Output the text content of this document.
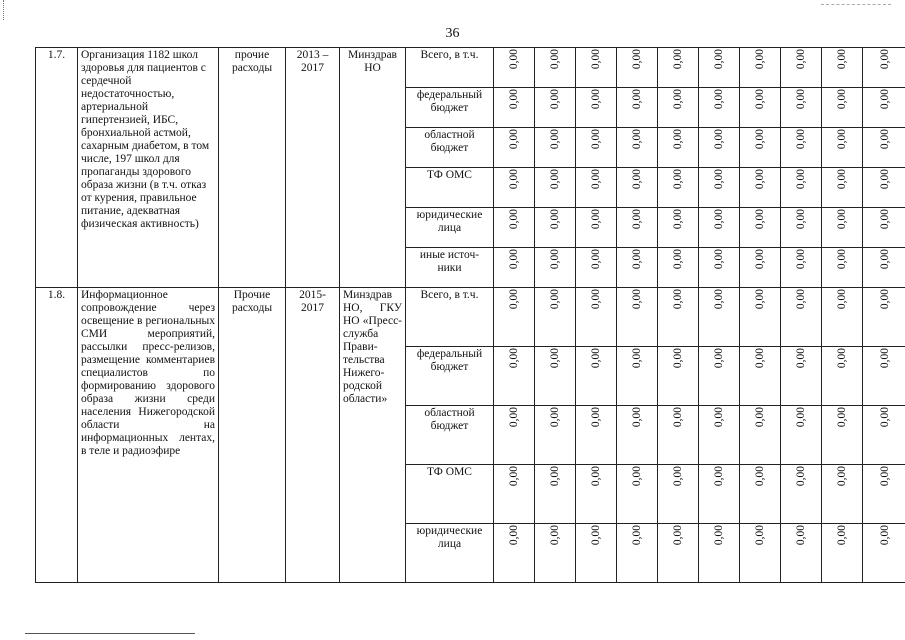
36
1.7.	Организация 1182 школ здоровья для пациентов с сердечной недостаточностью, артериальной гипертензией, ИБС, бронхиальной астмой, сахарным диабетом, в том числе, 197 школ для пропаганды здорового образа жизни (в т.ч. отказ от курения, правильное питание, адекватная физическая активность)	прочие расходы	2013 – 2017	Минздрав НО	Всего, в т.ч.	0,00	0,00	0,00	0,00	0,00	0,00	0,00	0,00	0,00	0,00
					федеральный бюджет	0,00	0,00	0,00	0,00	0,00	0,00	0,00	0,00	0,00	0,00
					областной бюджет	0,00	0,00	0,00	0,00	0,00	0,00	0,00	0,00	0,00	0,00
					ТФ ОМС	0,00	0,00	0,00	0,00	0,00	0,00	0,00	0,00	0,00	0,00
					юридические лица	0,00	0,00	0,00	0,00	0,00	0,00	0,00	0,00	0,00	0,00
					иные источ-ники	0,00	0,00	0,00	0,00	0,00	0,00	0,00	0,00	0,00	0,00
1.8.	Информационное сопровождение через освещение в региональных СМИ мероприятий, рассылки пресс-релизов, размещение комментариев специалистов по формированию здорового образа жизни среди населения Нижегородской области на информационных лентах, в теле и радиоэфире	Прочие расходы	2015-2017	Минздрав НО, ГКУ НО «Пресс-служба Прави-тельства Нижего-родской области»	Всего, в т.ч.	0,00	0,00	0,00	0,00	0,00	0,00	0,00	0,00	0,00	0,00
					федеральный бюджет	0,00	0,00	0,00	0,00	0,00	0,00	0,00	0,00	0,00	0,00
					областной бюджет	0,00	0,00	0,00	0,00	0,00	0,00	0,00	0,00	0,00	0,00
					ТФ ОМС	0,00	0,00	0,00	0,00	0,00	0,00	0,00	0,00	0,00	0,00
					юридические лица	0,00	0,00	0,00	0,00	0,00	0,00	0,00	0,00	0,00	0,00
